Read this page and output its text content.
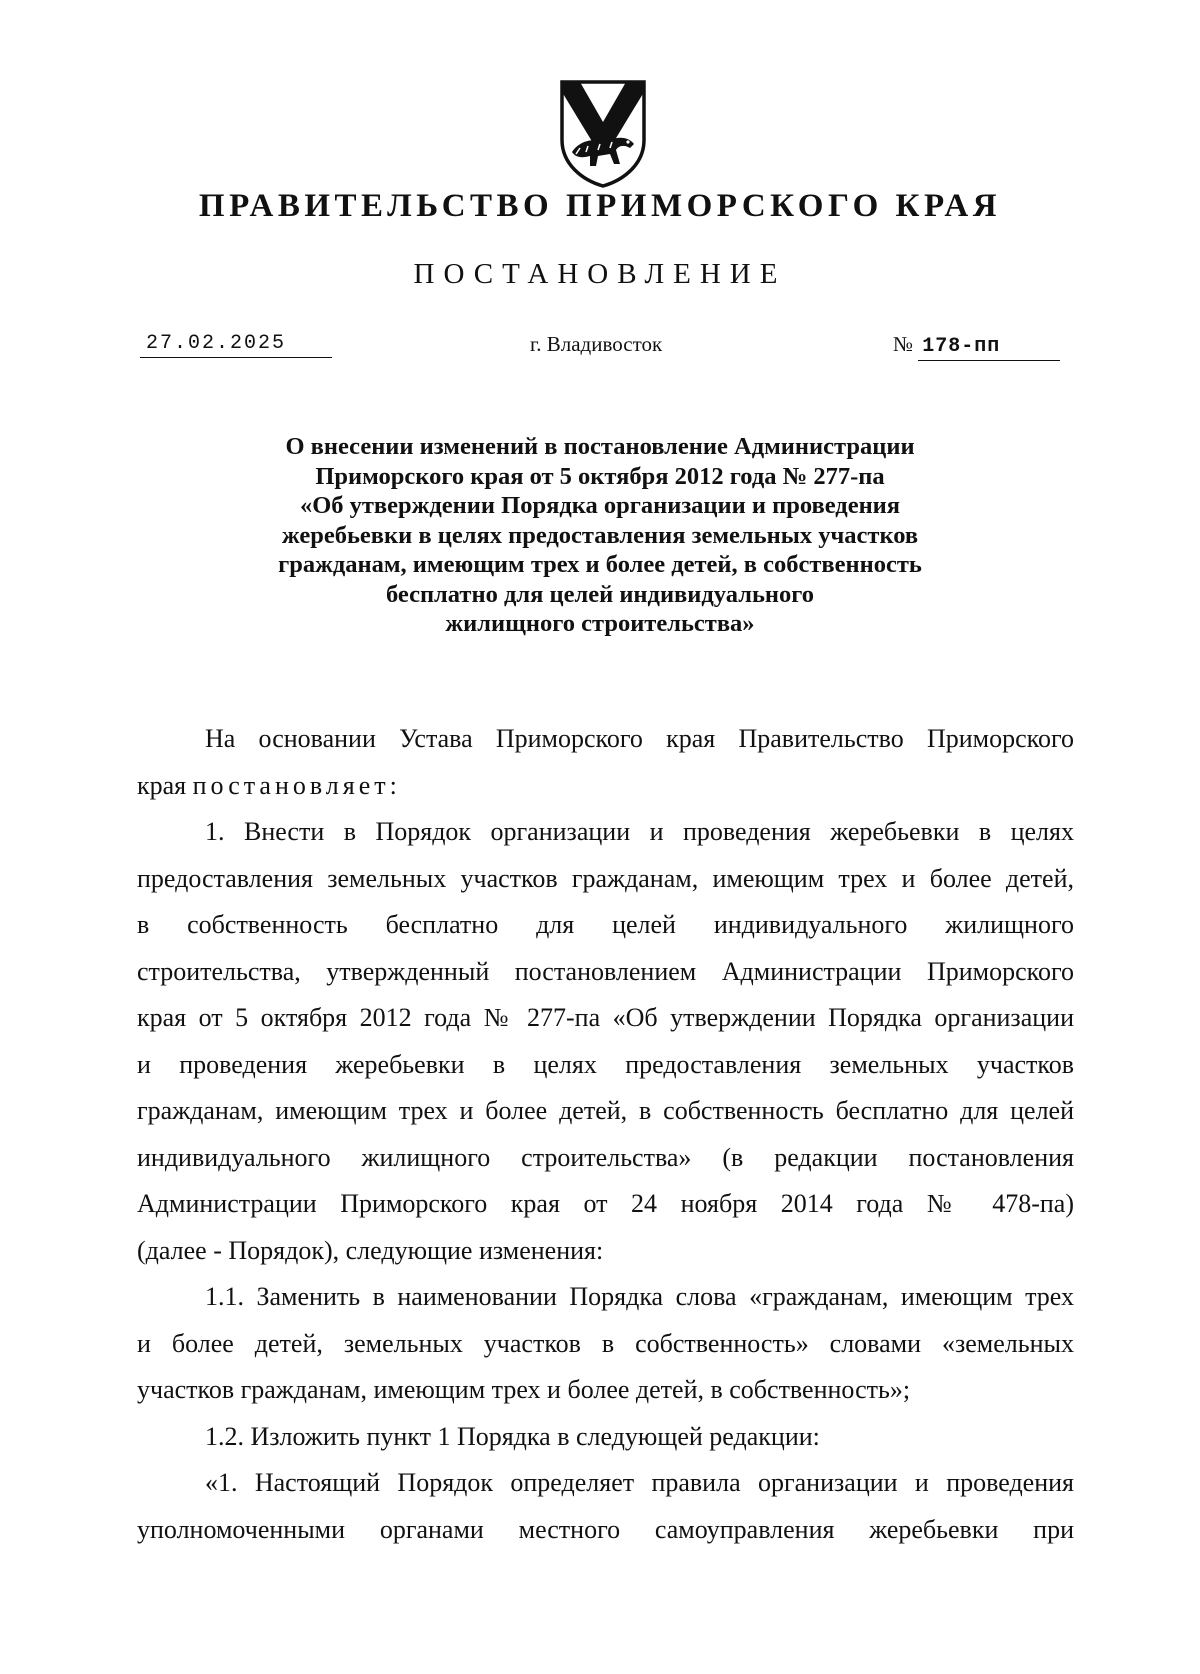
ПРАВИТЕЛЬСТВО ПРИМОРСКОГО КРАЯ
ПОСТАНОВЛЕНИЕ
27.02.2025	г. Владивосток	№ 178-пп
О внесении изменений в постановление Администрации
Приморского края от 5 октября 2012 года № 277-па
«Об утверждении Порядка организации и проведения
жеребьевки в целях предоставления земельных участков
гражданам, имеющим трех и более детей, в собственность
бесплатно для целей индивидуального
жилищного строительства»
На основании Устава Приморского края Правительство Приморского
края постановляет:
1. Внести в Порядок организации и проведения жеребьевки в целях
предоставления земельных участков гражданам, имеющим трех и более детей,
в собственность бесплатно для целей индивидуального жилищного
строительства, утвержденный постановлением Администрации Приморского
края от 5 октября 2012 года № 277-па «Об утверждении Порядка организации
и проведения жеребьевки в целях предоставления земельных участков
гражданам, имеющим трех и более детей, в собственность бесплатно для целей
индивидуального жилищного строительства» (в редакции постановления
Администрации Приморского края от 24 ноября 2014 года № 478-па)
(далее - Порядок), следующие изменения:
1.1. Заменить в наименовании Порядка слова «гражданам, имеющим трех
и более детей, земельных участков в собственность» словами «земельных
участков гражданам, имеющим трех и более детей, в собственность»;
1.2. Изложить пункт 1 Порядка в следующей редакции:
«1. Настоящий Порядок определяет правила организации и проведения
уполномоченными органами местного самоуправления жеребьевки при
